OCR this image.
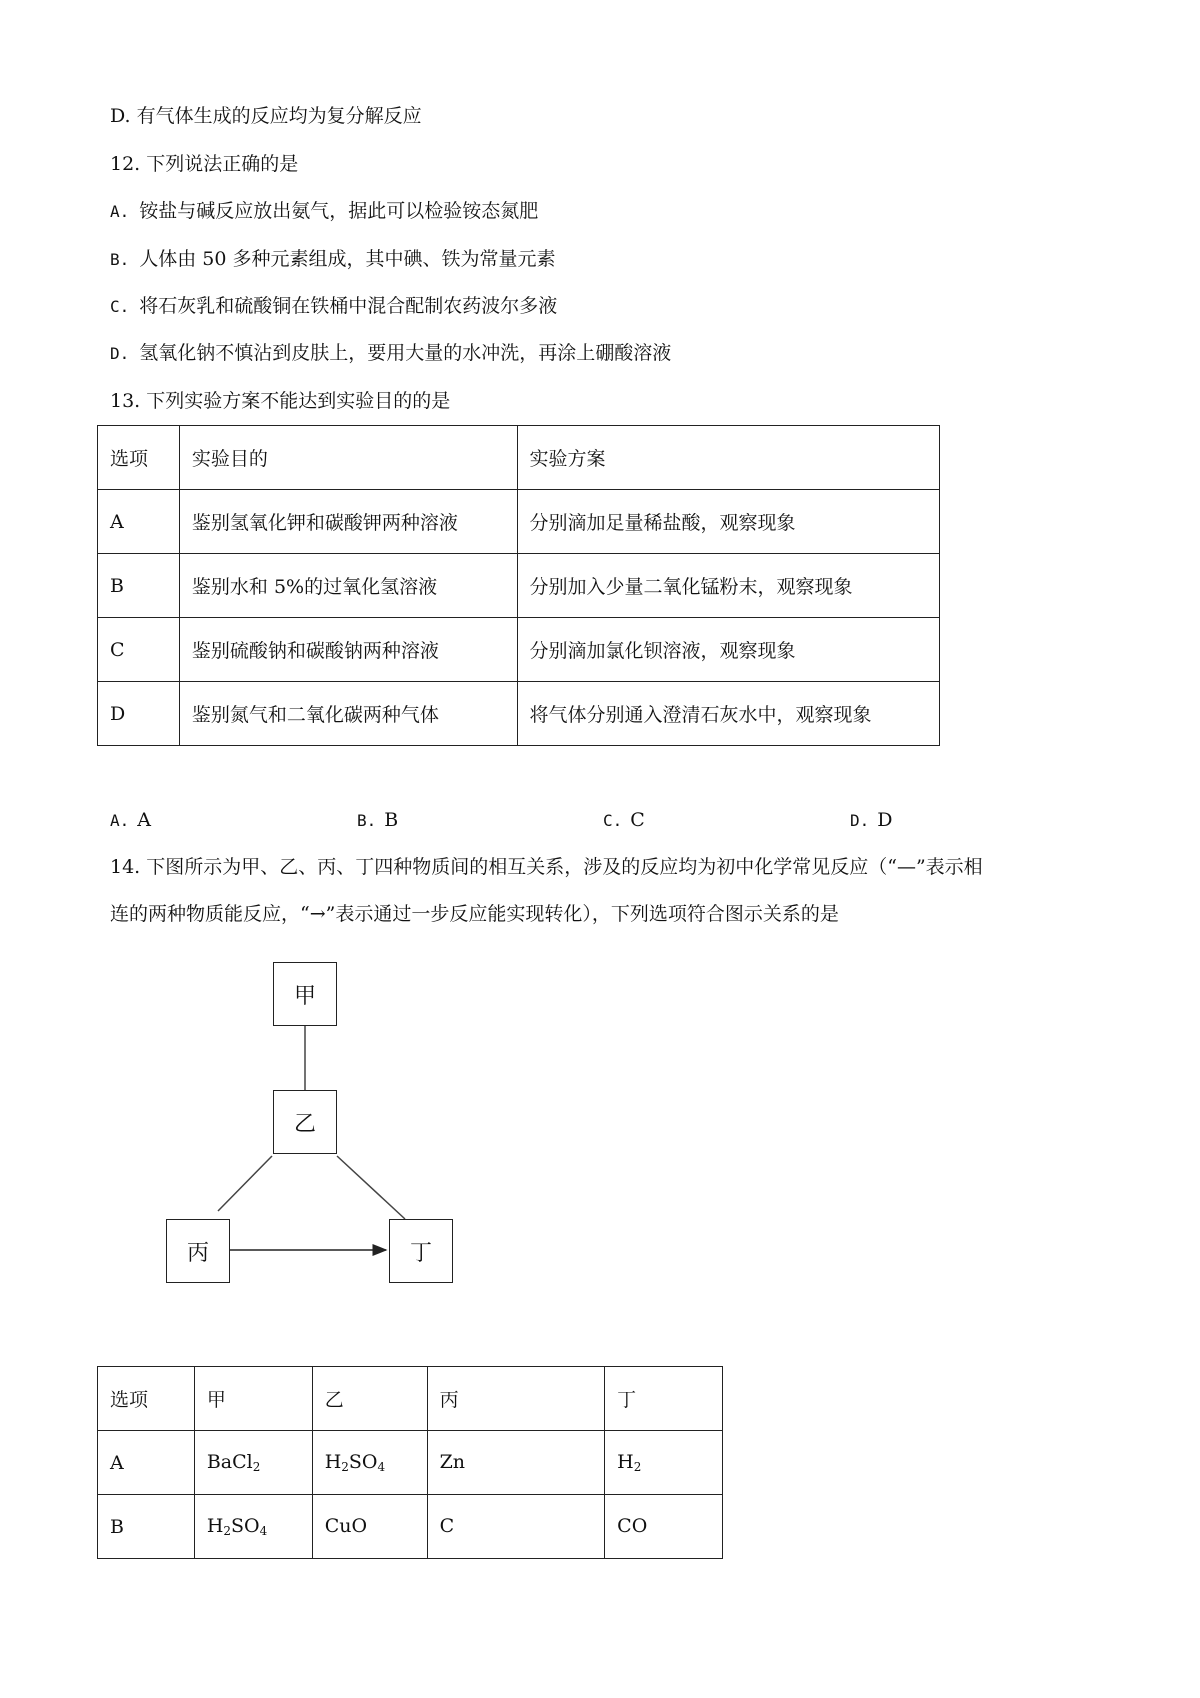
D. 有气体生成的反应均为复分解反应
12. 下列说法正确的是
A. 铵盐与碱反应放出氨气，据此可以检验铵态氮肥
B. 人体由 50 多种元素组成，其中碘、铁为常量元素
C. 将石灰乳和硫酸铜在铁桶中混合配制农药波尔多液
D. 氢氧化钠不慎沾到皮肤上，要用大量的水冲洗，再涂上硼酸溶液
13. 下列实验方案不能达到实验目的的是
选项	实验目的	实验方案
A	鉴别氢氧化钾和碳酸钾两种溶液	分别滴加足量稀盐酸，观察现象
B	鉴别水和 5%的过氧化氢溶液	分别加入少量二氧化锰粉末，观察现象
C	鉴别硫酸钠和碳酸钠两种溶液	分别滴加氯化钡溶液，观察现象
D	鉴别氮气和二氧化碳两种气体	将气体分别通入澄清石灰水中，观察现象
A. A	B. B	C. C	D. D
14. 下图所示为甲、乙、丙、丁四种物质间的相互关系，涉及的反应均为初中化学常见反应（“—”表示相
连的两种物质能反应，“→”表示通过一步反应能实现转化），下列选项符合图示关系的是
甲
乙
丙	丁
选项	甲	乙	丙	丁
A	BaCl$_2$	$H_2SO_4$	Zn	$H_2$
B	$H_2SO_4$	CuO	C	CO
